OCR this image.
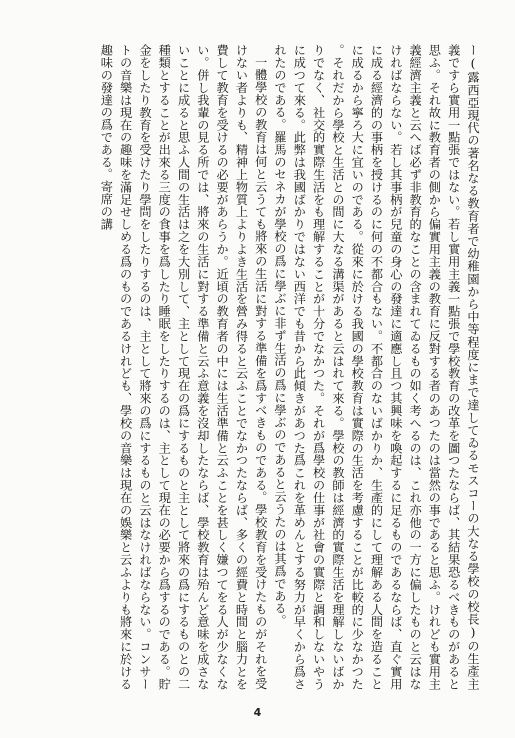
ー(露西亞現代の著名なる教育者で幼稚園から中等程度にまで達してゐるモスコーの大なる學校の校長)の生產主義ですら實用一點張ではない。若し實用主義一點張で學校教育の改革を圖つたならば、其結果恐るべきものがあると思ふ。それ故に教育者の側から偏實用主義の教育に反對する者のあつたのは當然の事であると思ふ。けれども實用主義經濟主義と云へば必ず非教育的なことの含まれてゐるもの如く考へるのは、これ亦他の一方に偏したものと云はなければならない。若し其事柄が兒童の身心の發達に適應し且つ其興味を喚起するに足るものであるならば、直ぐ實用に成る經濟的の事柄を授けるのに何の不都合もない。不都合のないばかりか、生產的にして理解ある人間を造ることに成るから寧ろ大に宜いのである。從來に於ける我國の學校教育は實際の生活を考慮することが比較的に少なかつた。それだから學校と生活との間に大なる溝渠があると云はれて來る。學校の教師は經濟的實際生活を理解しないばかりでなく、社交的實際生活をも理解することが十分でなかつた。それが爲學校の仕事が社會の實際と調和しないやうに成つて來る。此弊は我國ばかりではない西洋でも昔から此傾きがあつた爲これを革めんとする努力が早くから爲されたのである。羅馬のセネカが學校の爲に學ぶに非ず生活の爲に學ぶのであると云うたのは其爲である。

一體學校の教育は何と云うても將來の生活に對する準備を爲すべきものである。學校教育を受けたものがそれを受けない者よりも、精神上物質上よりよき生活を營み得ると云ふことでなかつたならば、多くの經費と時間と腦力とを費して教育を受けるの必要があらうか。近頃の教育者の中には生活準備と云ふことを甚しく嫌つてをる人が少なくない。併し我輩の見る所では、將來の生活に對する準備と云ふ意義を沒却したならば、學校教育は殆んど意味を成さないことに成ると思ふ人間の生活は之を大別して、主として現在の爲にするものと主として將來の爲にするものとの二種類とすることが出來る三度の食事を爲したり睡眠をしたりするのは、主として現在の必要から爲するのである。貯金をしたり教育を受けたり學問をしたりするのは、主として將來の爲にするものと云はなければならない。コンサートの音樂は現在の趣味を滿足せしめる爲のものであるけれども、學校の音樂は現在の娛樂と云ふよりも將來に於ける趣味の發達の爲である。寄席の講

4
